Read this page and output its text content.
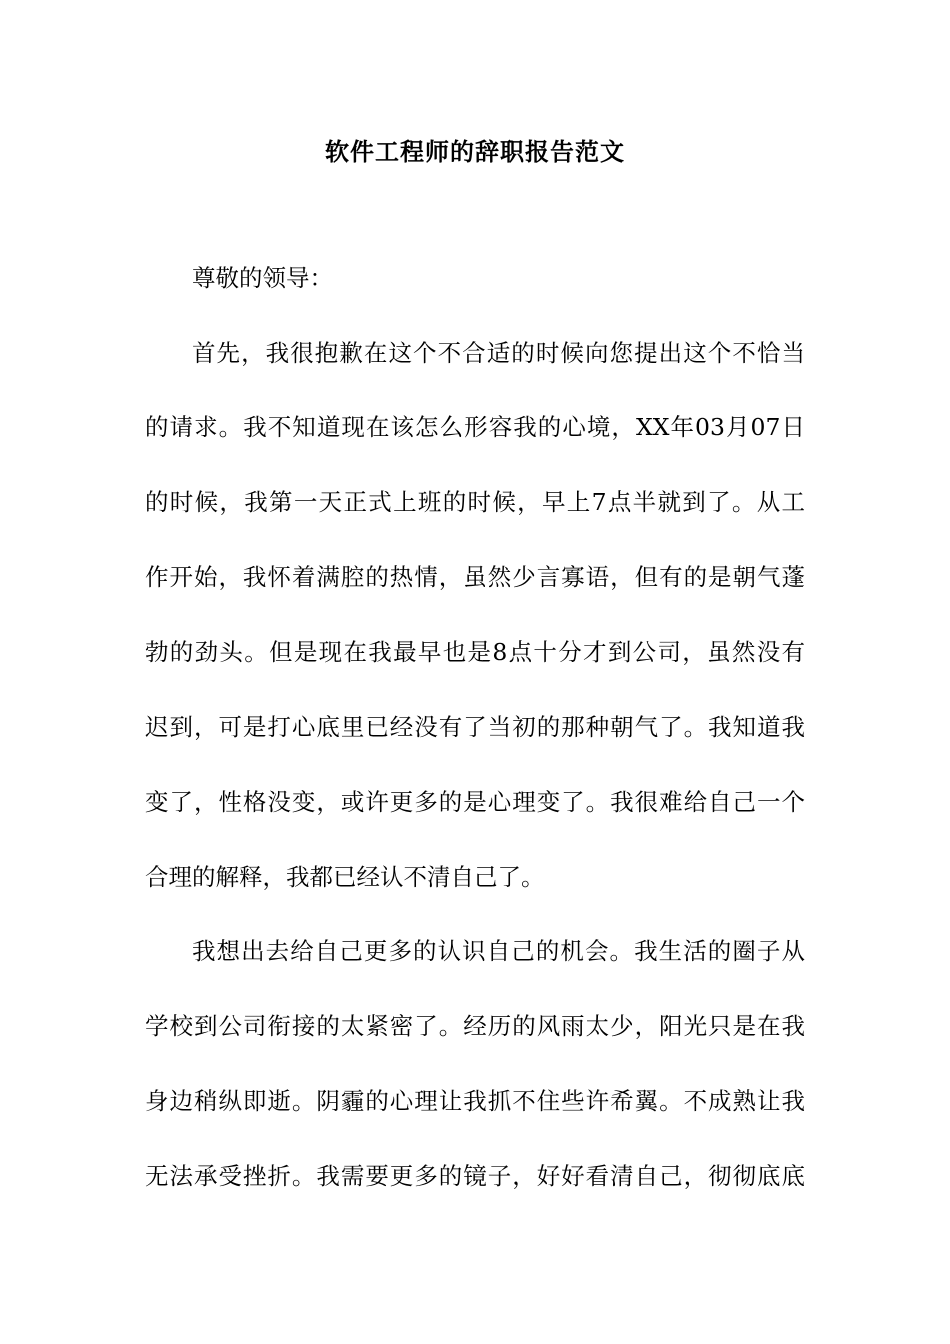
软件工程师的辞职报告范文
尊敬的领导：
首先，我很抱歉在这个不合适的时候向您提出这个不恰当
的请求。我不知道现在该怎么形容我的心境，XX年03月07日
的时候，我第一天正式上班的时候，早上7点半就到了。从工
作开始，我怀着满腔的热情，虽然少言寡语，但有的是朝气蓬
勃的劲头。但是现在我最早也是8点十分才到公司，虽然没有
迟到，可是打心底里已经没有了当初的那种朝气了。我知道我
变了，性格没变，或许更多的是心理变了。我很难给自己一个
合理的解释，我都已经认不清自己了。
我想出去给自己更多的认识自己的机会。我生活的圈子从
学校到公司衔接的太紧密了。经历的风雨太少，阳光只是在我
身边稍纵即逝。阴霾的心理让我抓不住些许希翼。不成熟让我
无法承受挫折。我需要更多的镜子，好好看清自己，彻彻底底
